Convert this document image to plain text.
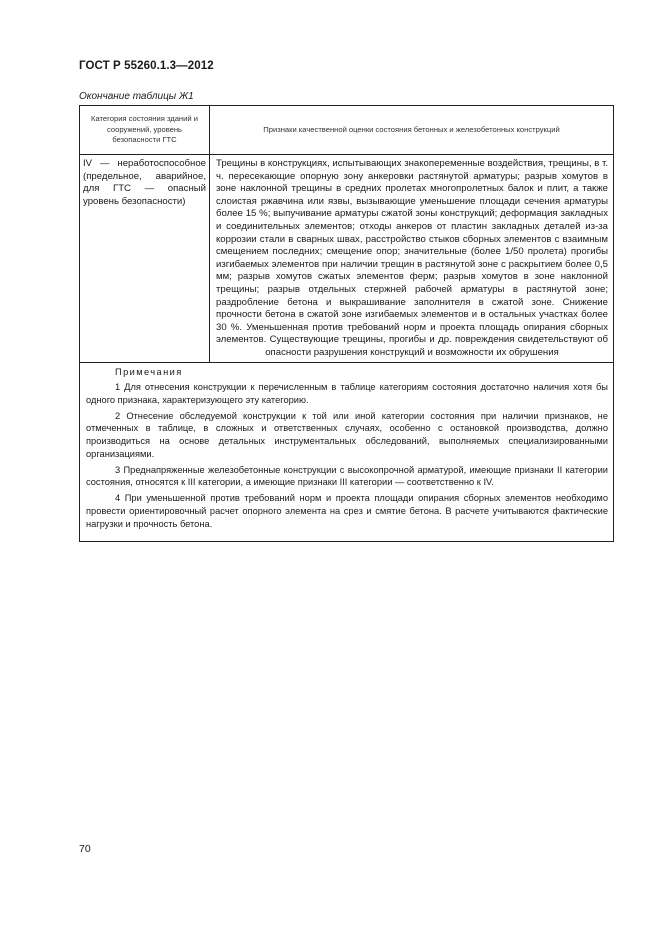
ГОСТ Р 55260.1.3—2012
Окончание таблицы Ж1
Категория состояния зданий и сооружений, уровень безопасности ГТС	Признаки качественной оценки состояния бетонных и железобетонных конструкций
IV — неработоспособное (предельное, аварийное, для ГТС — опасный уровень безопасности)	Трещины в конструкциях, испытывающих знакопеременные воздействия, трещины, в т. ч. пересекающие опорную зону анкеровки растянутой арматуры; разрыв хомутов в зоне наклонной трещины в средних пролетах многопролетных балок и плит, а также слоистая ржавчина или язвы, вызывающие уменьшение площади сечения арматуры более 15 %; выпучивание арматуры сжатой зоны конструкций; деформация закладных и соединительных элементов; отходы анкеров от пластин закладных деталей из-за коррозии стали в сварных швах, расстройство стыков сборных элементов с взаимным смещением последних; смещение опор; значительные (более 1/50 пролета) прогибы изгибаемых элементов при наличии трещин в растянутой зоне с раскрытием более 0,5 мм; разрыв хомутов сжатых элементов ферм; разрыв хомутов в зоне наклонной трещины; разрыв отдельных стержней рабочей арматуры в растянутой зоне; раздробление бетона и выкрашивание заполнителя в сжатой зоне. Снижение прочности бетона в сжатой зоне изгибаемых элементов и в остальных участках более 30 %. Уменьшенная против требований норм и проекта площадь опирания сборных элементов. Существующие трещины, прогибы и др. повреждения свидетельствуют об опасности разрушения конструкций и возможности их обрушения

Примечания
1 Для отнесения конструкции к перечисленным в таблице категориям состояния достаточно наличия хотя бы одного признака, характеризующего эту категорию.
2 Отнесение обследуемой конструкции к той или иной категории состояния при наличии признаков, не отмеченных в таблице, в сложных и ответственных случаях, особенно с остановкой производства, должно производиться на основе детальных инструментальных обследований, выполняемых специализированными организациями.
3 Преднапряженные железобетонные конструкции с высокопрочной арматурой, имеющие признаки II категории состояния, относятся к III категории, а имеющие признаки III категории — соответственно к IV.
4 При уменьшенной против требований норм и проекта площади опирания сборных элементов необходимо провести ориентировочный расчет опорного элемента на срез и смятие бетона. В расчете учитываются фактические нагрузки и прочность бетона.	
70
